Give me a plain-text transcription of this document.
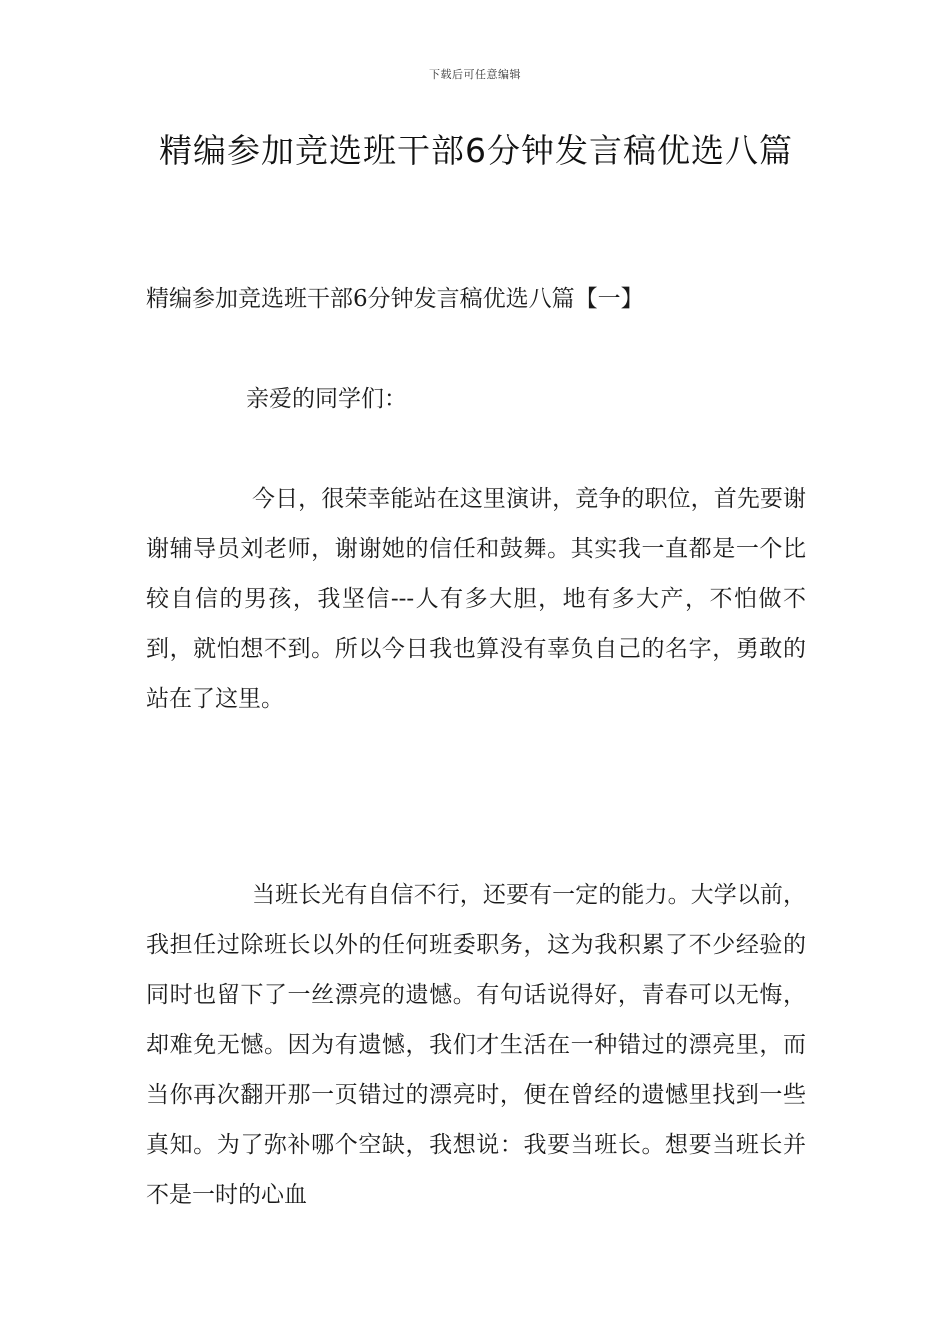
下载后可任意编辑
精编参加竞选班干部6分钟发言稿优选八篇
精编参加竞选班干部6分钟发言稿优选八篇【一】
亲爱的同学们：

今日，很荣幸能站在这里演讲，竞争的职位，首先要谢谢辅导员刘老师，谢谢她的信任和鼓舞。其实我一直都是一个比较自信的男孩，我坚信---人有多大胆，地有多大产，不怕做不到，就怕想不到。所以今日我也算没有辜负自己的名字，勇敢的站在了这里。

当班长光有自信不行，还要有一定的能力。大学以前，我担任过除班长以外的任何班委职务，这为我积累了不少经验的同时也留下了一丝漂亮的遗憾。有句话说得好，青春可以无悔，却难免无憾。因为有遗憾，我们才生活在一种错过的漂亮里，而当你再次翻开那一页错过的漂亮时，便在曾经的遗憾里找到一些真知。为了弥补哪个空缺，我想说：我要当班长。想要当班长并不是一时的心血
